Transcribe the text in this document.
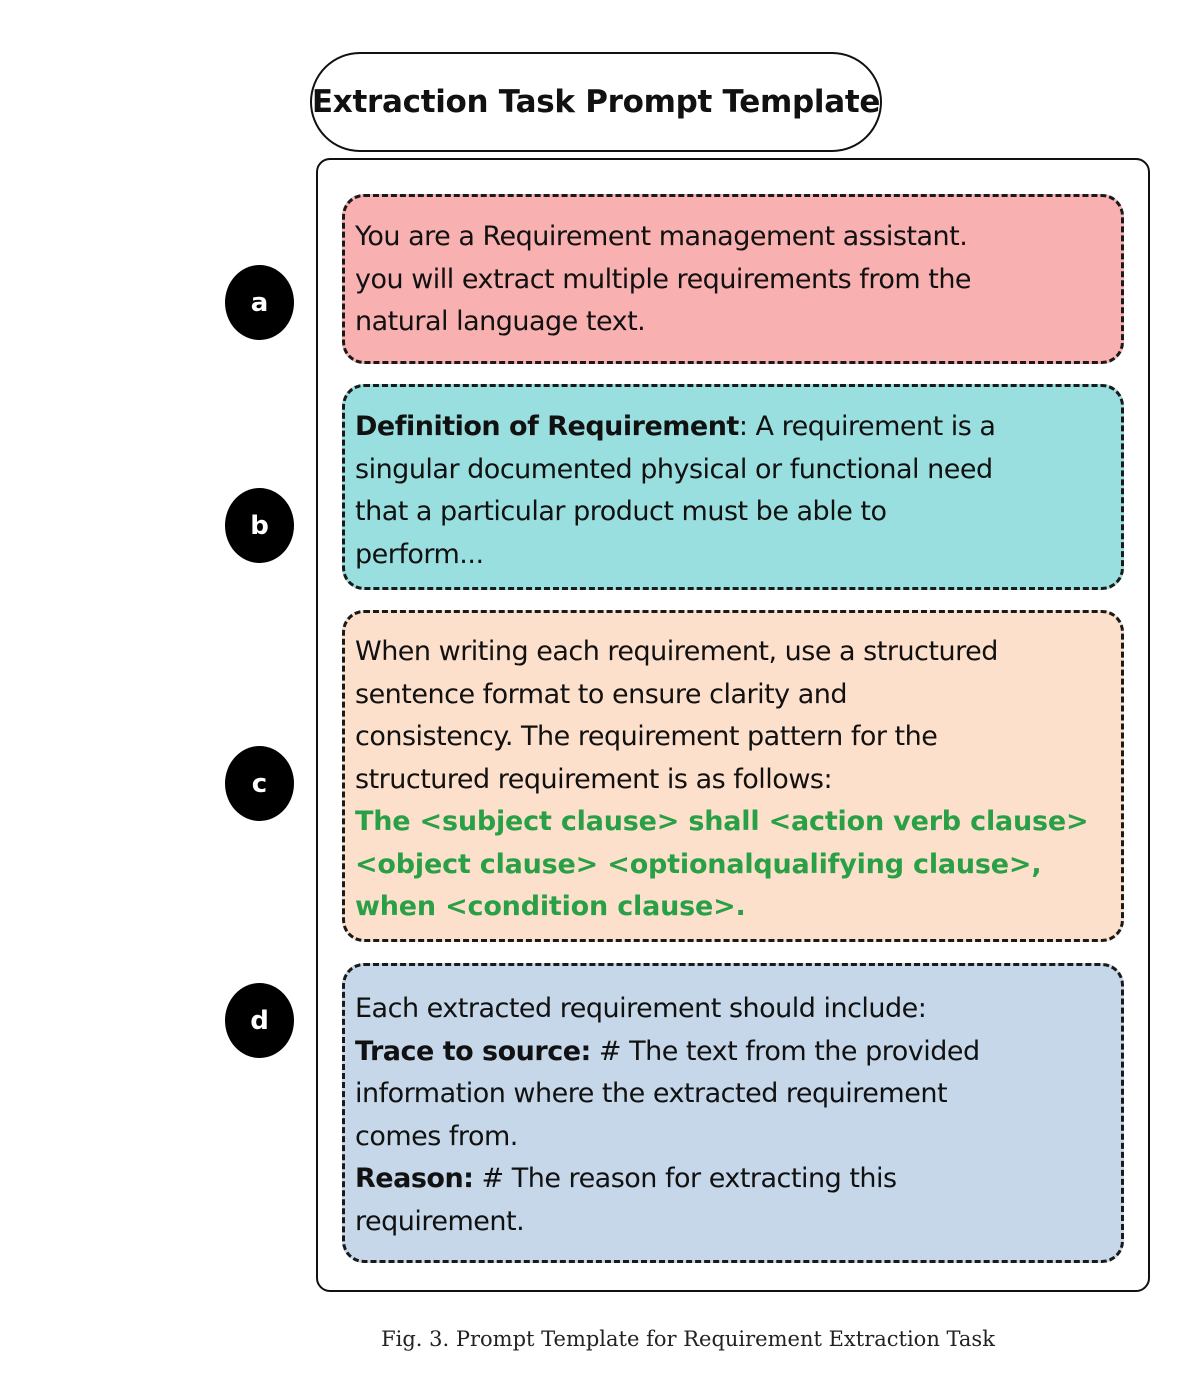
Extraction Task Prompt Template
a
b
c
d
You are a Requirement management assistant.
you will extract multiple requirements from the
natural language text.
Definition of Requirement: A requirement is a
singular documented physical or functional need
that a particular product must be able to
perform...
When writing each requirement, use a structured
sentence format to ensure clarity and
consistency. The requirement pattern for the
structured requirement is as follows:
The <subject clause> shall <action verb clause>
<object clause> <optionalqualifying clause>,
when <condition clause>.
Each extracted requirement should include:
Trace to source: # The text from the provided
information where the extracted requirement
comes from.
Reason: # The reason for extracting this
requirement.
Fig. 3. Prompt Template for Requirement Extraction Task
